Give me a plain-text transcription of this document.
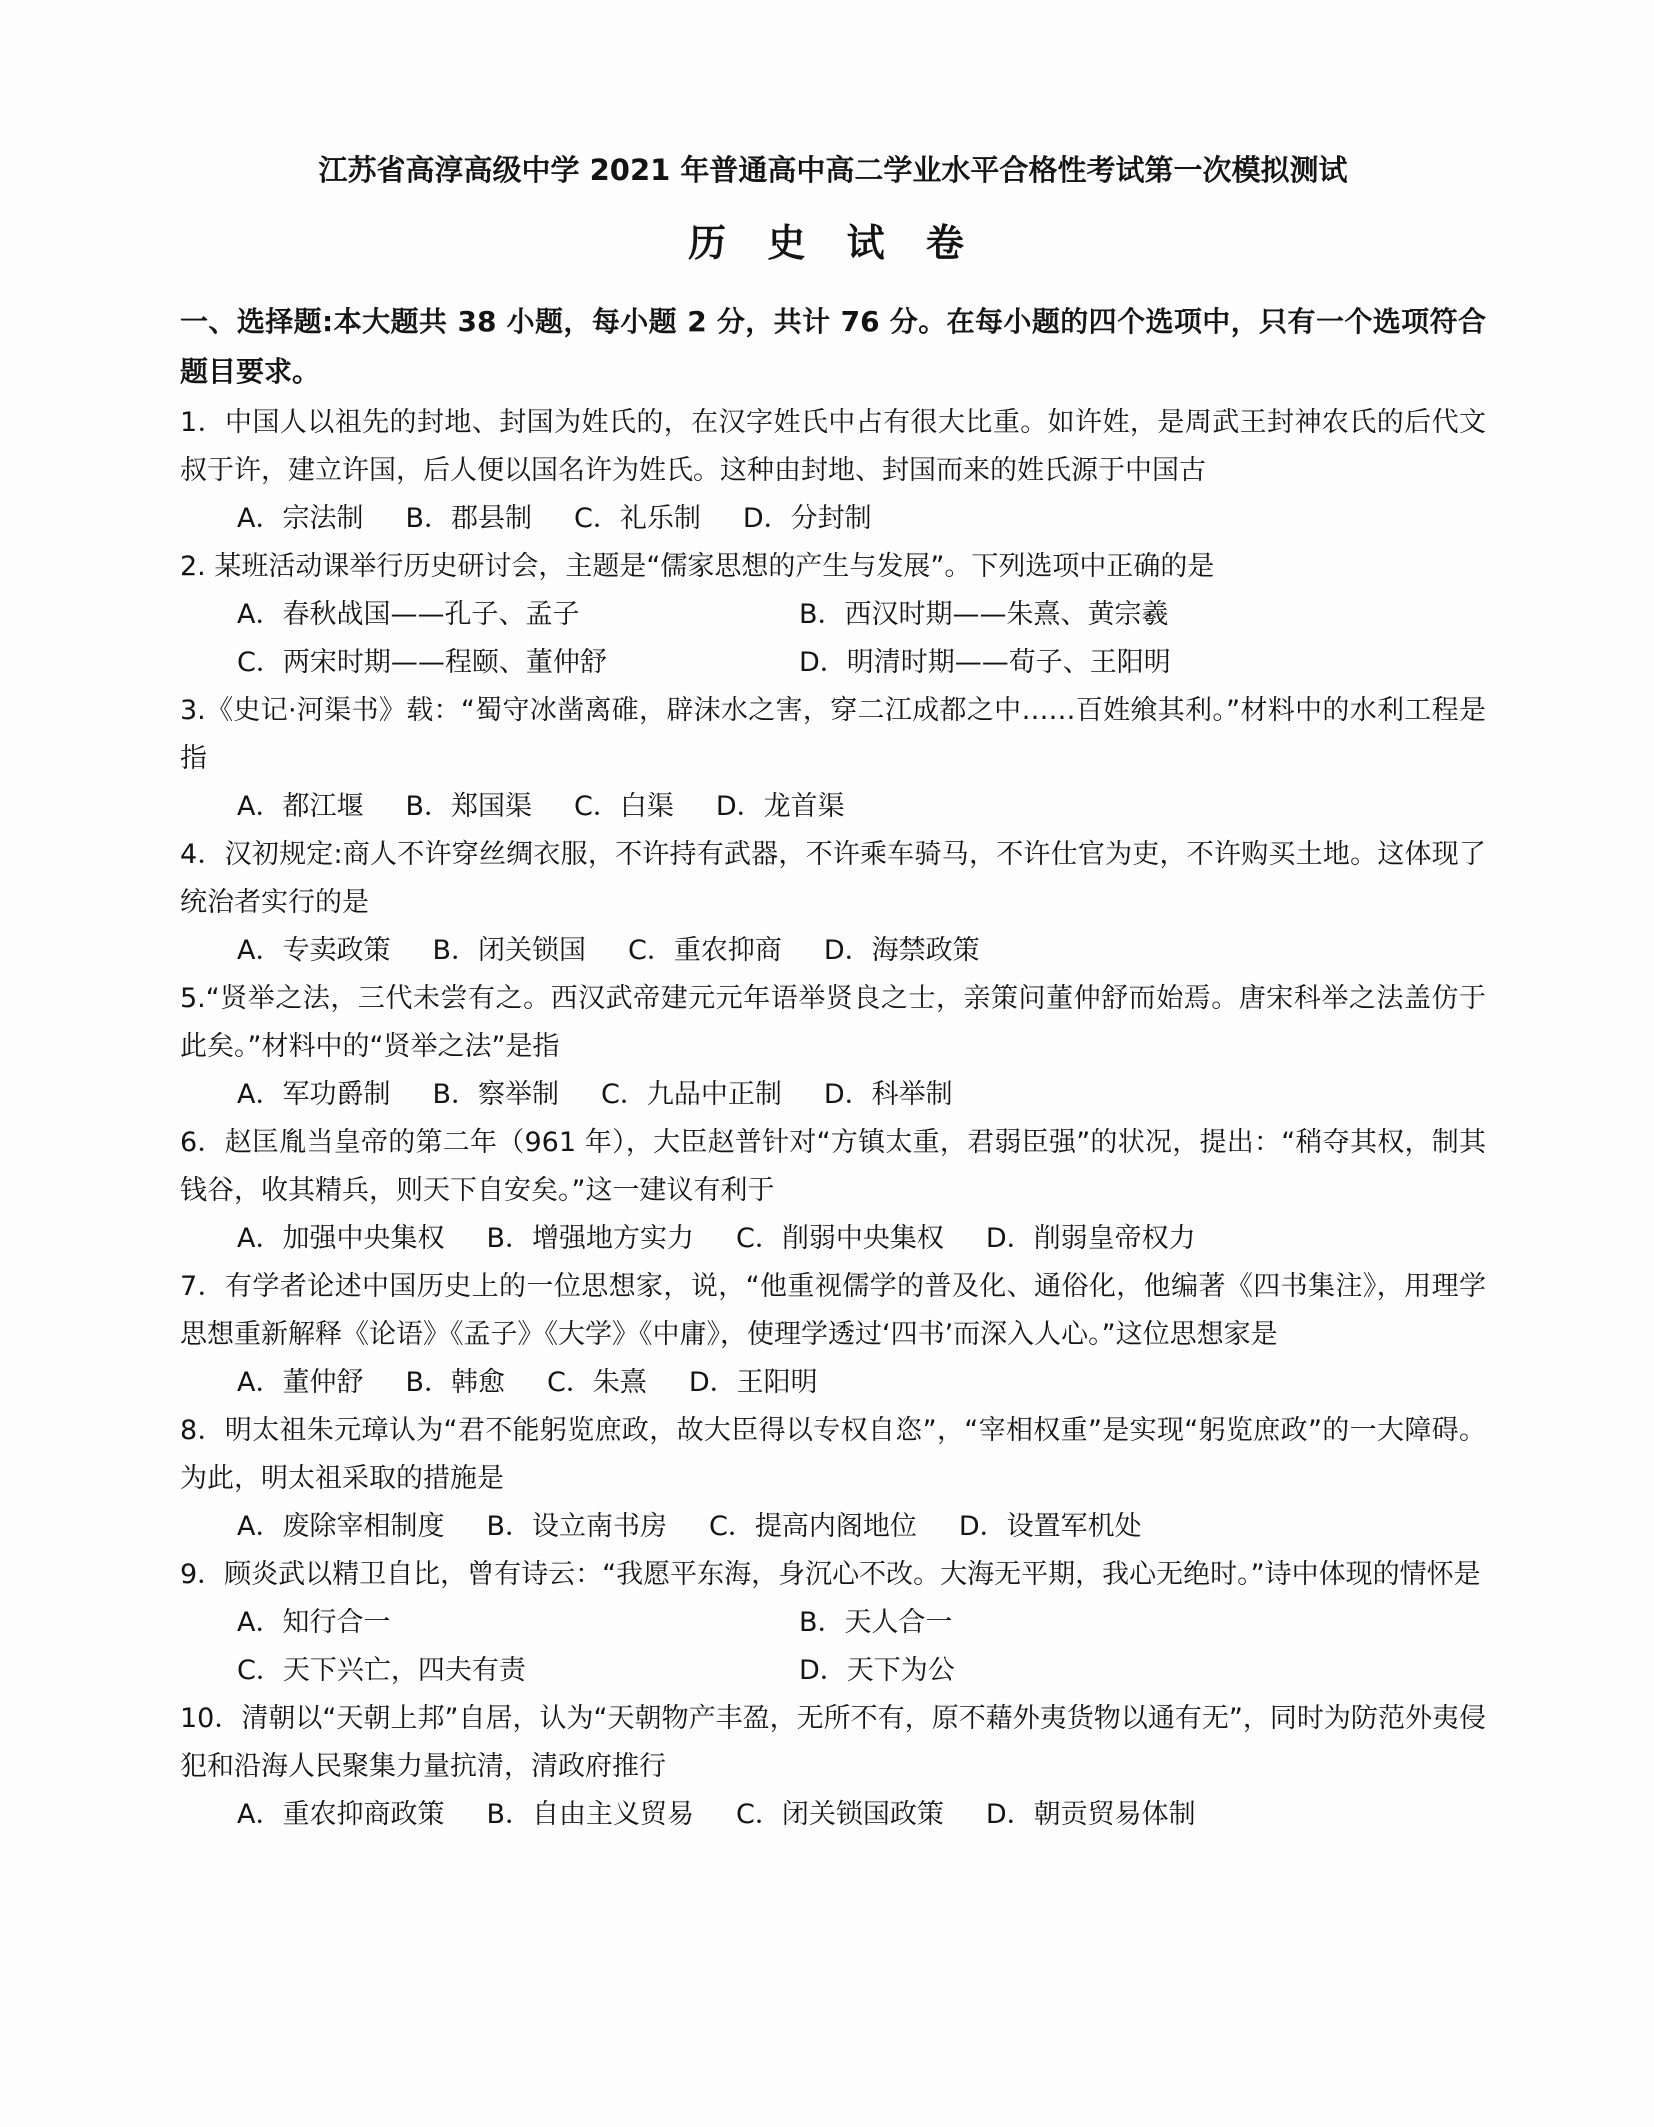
江苏省高淳高级中学 2021 年普通高中高二学业水平合格性考试第一次模拟测试
历 史 试 卷

一、选择题:本大题共 38 小题，每小题 2 分，共计 76 分。在每小题的四个选项中，只有一个选项符合题目要求。

1．中国人以祖先的封地、封国为姓氏的，在汉字姓氏中占有很大比重。如许姓，是周武王封神农氏的后代文叔于许，建立许国，后人便以国名许为姓氏。这种由封地、封国而来的姓氏源于中国古

A．宗法制 B．郡县制 C．礼乐制 D．分封制

2. 某班活动课举行历史研讨会，主题是“儒家思想的产生与发展”。下列选项中正确的是

A．春秋战国——孔子、孟子	B．西汉时期——朱熹、黄宗羲
C．两宋时期——程颐、董仲舒	D．明清时期——荀子、王阳明

3.《史记·河渠书》载：“蜀守冰凿离碓，辟沫水之害，穿二江成都之中……百姓飨其利。”材料中的水利工程是指

A．都江堰 B．郑国渠 C．白渠 D．龙首渠

4．汉初规定:商人不许穿丝绸衣服，不许持有武器，不许乘车骑马，不许仕官为吏，不许购买土地。这体现了统治者实行的是

A．专卖政策 B．闭关锁国 C．重农抑商 D．海禁政策

5.“贤举之法，三代未尝有之。西汉武帝建元元年语举贤良之士，亲策问董仲舒而始焉。唐宋科举之法盖仿于此矣。”材料中的“贤举之法”是指

A．军功爵制 B．察举制 C．九品中正制 D．科举制

6．赵匡胤当皇帝的第二年（961 年），大臣赵普针对“方镇太重，君弱臣强”的状况，提出：“稍夺其权，制其钱谷，收其精兵，则天下自安矣。”这一建议有利于

A．加强中央集权 B．增强地方实力 C．削弱中央集权 D．削弱皇帝权力

7．有学者论述中国历史上的一位思想家，说，“他重视儒学的普及化、通俗化，他编著《四书集注》，用理学思想重新解释《论语》《孟子》《大学》《中庸》，使理学透过‘四书’而深入人心。”这位思想家是

A．董仲舒 B．韩愈 C．朱熹 D．王阳明

8．明太祖朱元璋认为“君不能躬览庶政，故大臣得以专权自恣”，“宰相权重”是实现“躬览庶政”的一大障碍。为此，明太祖采取的措施是

A．废除宰相制度 B．设立南书房 C．提高内阁地位 D．设置军机处

9．顾炎武以精卫自比，曾有诗云：“我愿平东海，身沉心不改。大海无平期，我心无绝时。”诗中体现的情怀是

A．知行合一	B．天人合一
C．天下兴亡，四夫有责	D．天下为公

10．清朝以“天朝上邦”自居，认为“天朝物产丰盈，无所不有，原不藉外夷货物以通有无”，同时为防范外夷侵犯和沿海人民聚集力量抗清，清政府推行

A．重农抑商政策 B．自由主义贸易 C．闭关锁国政策 D．朝贡贸易体制
